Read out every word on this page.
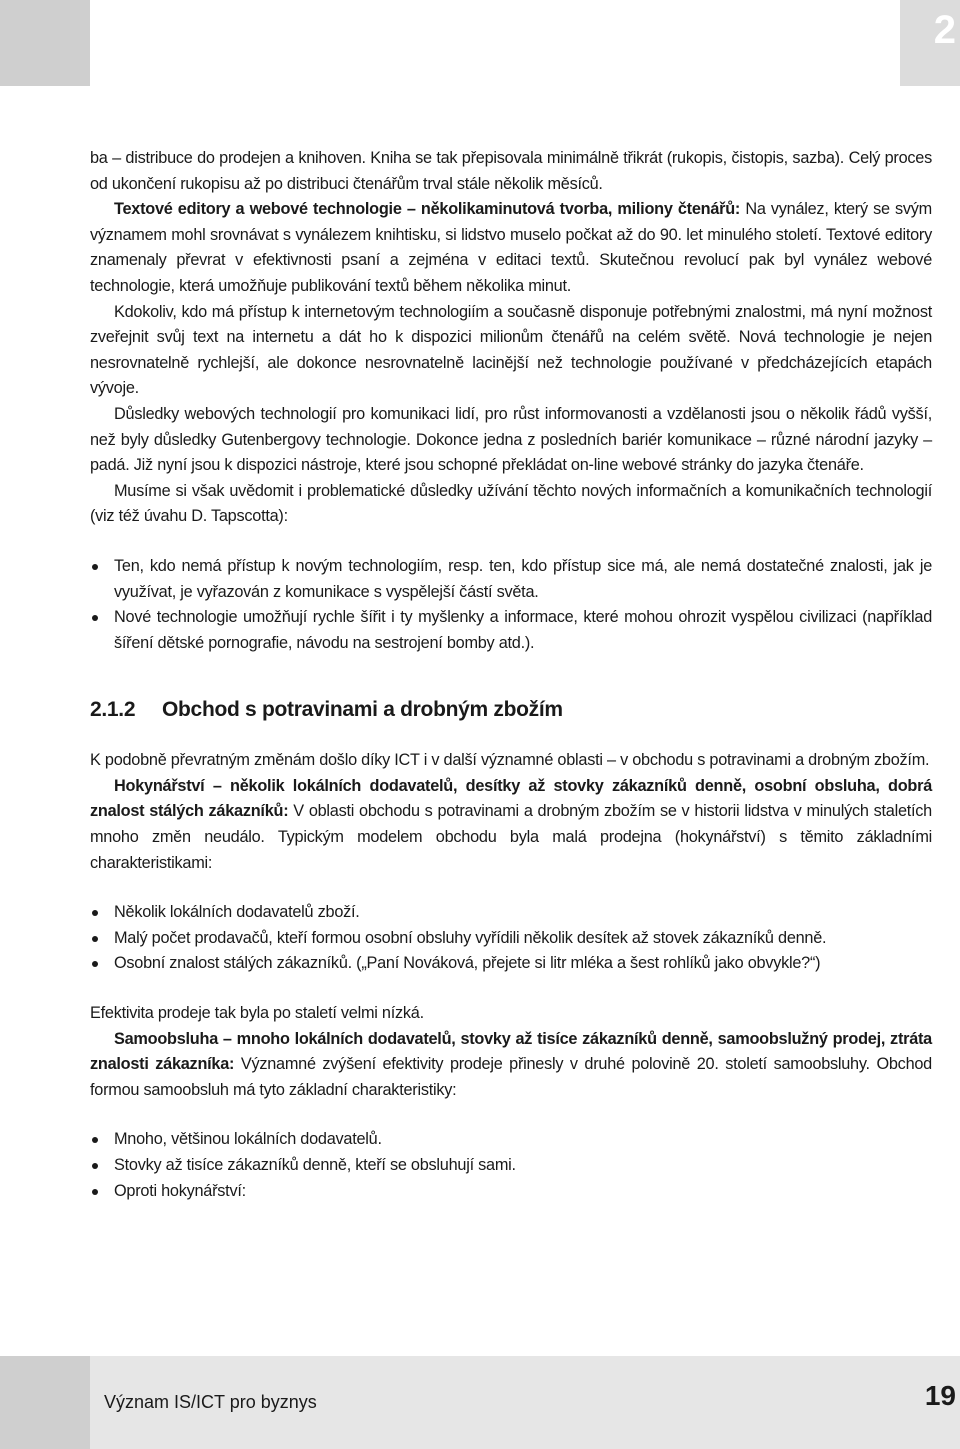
2

ba – distribuce do prodejen a knihoven. Kniha se tak přepisovala minimálně třikrát (rukopis, čistopis, sazba). Celý proces od ukončení rukopisu až po distribuci čtenářům trval stále několik měsíců.

Textové editory a webové technologie – několikaminutová tvorba, miliony čtenářů: Na vynález, který se svým významem mohl srovnávat s vynálezem knihtisku, si lidstvo muselo počkat až do 90. let minulého století. Textové editory znamenaly převrat v efektivnosti psaní a zejména v editaci textů. Skutečnou revolucí pak byl vynález webové technologie, která umožňuje publikování textů během několika minut.

Kdokoliv, kdo má přístup k internetovým technologiím a současně disponuje potřebnými znalostmi, má nyní možnost zveřejnit svůj text na internetu a dát ho k dispozici milionům čtenářů na celém světě. Nová technologie je nejen nesrovnatelně rychlejší, ale dokonce nesrovnatelně lacinější než technologie používané v předcházejících etapách vývoje.

Důsledky webových technologií pro komunikaci lidí, pro růst informovanosti a vzdělanosti jsou o několik řádů vyšší, než byly důsledky Gutenbergovy technologie. Dokonce jedna z posledních bariér komunikace – různé národní jazyky – padá. Již nyní jsou k dispozici nástroje, které jsou schopné překládat on-line webové stránky do jazyka čtenáře.

Musíme si však uvědomit i problematické důsledky užívání těchto nových informačních a komunikačních technologií (viz též úvahu D. Tapscotta):

Ten, kdo nemá přístup k novým technologiím, resp. ten, kdo přístup sice má, ale nemá dostatečné znalosti, jak je využívat, je vyřazován z komunikace s vyspělejší částí světa.
Nové technologie umožňují rychle šířit i ty myšlenky a informace, které mohou ohrozit vyspělou civilizaci (například šíření dětské pornografie, návodu na sestrojení bomby atd.).
2.1.2 Obchod s potravinami a drobným zbožím

K podobně převratným změnám došlo díky ICT i v další významné oblasti – v obchodu s potravinami a drobným zbožím.

Hokynářství – několik lokálních dodavatelů, desítky až stovky zákazníků denně, osobní obsluha, dobrá znalost stálých zákazníků: V oblasti obchodu s potravinami a drobným zbožím se v historii lidstva v minulých staletích mnoho změn neudálo. Typickým modelem obchodu byla malá prodejna (hokynářství) s těmito základními charakteristikami:

Několik lokálních dodavatelů zboží.
Malý počet prodavačů, kteří formou osobní obsluhy vyřídili několik desítek až stovek zákazníků denně.
Osobní znalost stálých zákazníků. („Paní Nováková, přejete si litr mléka a šest rohlíků jako obvykle?“)

Efektivita prodeje tak byla po staletí velmi nízká.

Samoobsluha – mnoho lokálních dodavatelů, stovky až tisíce zákazníků denně, samoobslužný prodej, ztráta znalosti zákazníka: Významné zvýšení efektivity prodeje přinesly v druhé polovině 20. století samoobsluhy. Obchod formou samoobsluh má tyto základní charakteristiky:

Mnoho, většinou lokálních dodavatelů.
Stovky až tisíce zákazníků denně, kteří se obsluhují sami.
Oproti hokynářství:
Význam IS/ICT pro byznys	19
